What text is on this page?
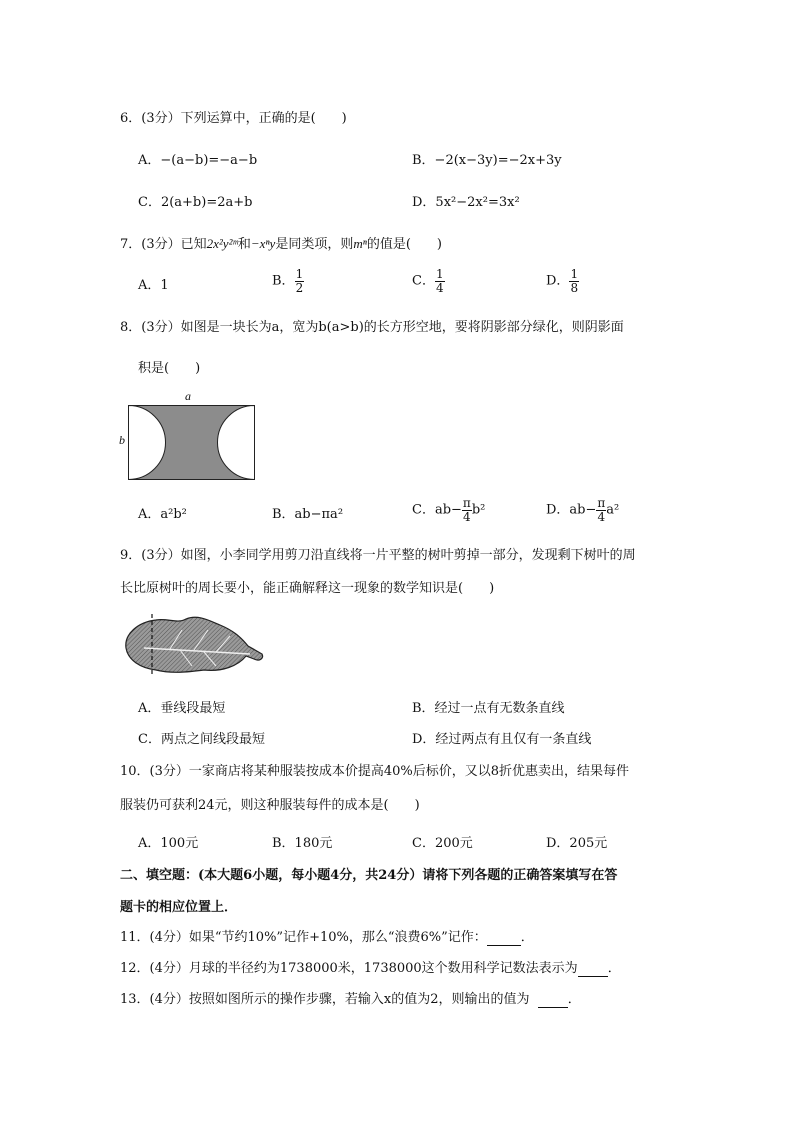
6．(3分）下列运算中，正确的是(　　)
A．−(a−b)=−a−b	B．−2(x−3y)=−2x+3y
C．2(a+b)=2a+b	D．5x²−2x²=3x²
7．(3分）已知2x²y²ᵐ和−xⁿy是同类项，则mⁿ的值是(　　)
A．1	B． $\frac{1}{2}$	C． $\frac{1}{4}$	D． $\frac{1}{8}$
8．(3分）如图是一块长为a，宽为b(a>b)的长方形空地，要将阴影部分绿化，则阴影面
积是(　　)
a
b
A．a²b²	B．ab−πa²	C．$ab- \frac{\pi}{4} b^2$	D．$ab- \frac{\pi}{4} a^2$
9．(3分）如图，小李同学用剪刀沿直线将一片平整的树叶剪掉一部分，发现剩下树叶的周
长比原树叶的周长要小，能正确解释这一现象的数学知识是(　　)
A．垂线段最短	B．经过一点有无数条直线
C．两点之间线段最短	D．经过两点有且仅有一条直线
10．(3分）一家商店将某种服装按成本价提高40%后标价，又以8折优惠卖出，结果每件
服装仍可获利24元，则这种服装每件的成本是(　　)
A．100元	B．180元	C．200元	D．205元
二、填空题：(本大题6小题，每小题4分，共24分）请将下列各题的正确答案填写在答
题卡的相应位置上．
11．(4分）如果“节约10%”记作+10%，那么“浪费6%”记作：	．
12．(4分）月球的半径约为1738000米，1738000这个数用科学记数法表示为 ．
13．(4分）按照如图所示的操作步骤，若输入x的值为2，则输出的值为	．
